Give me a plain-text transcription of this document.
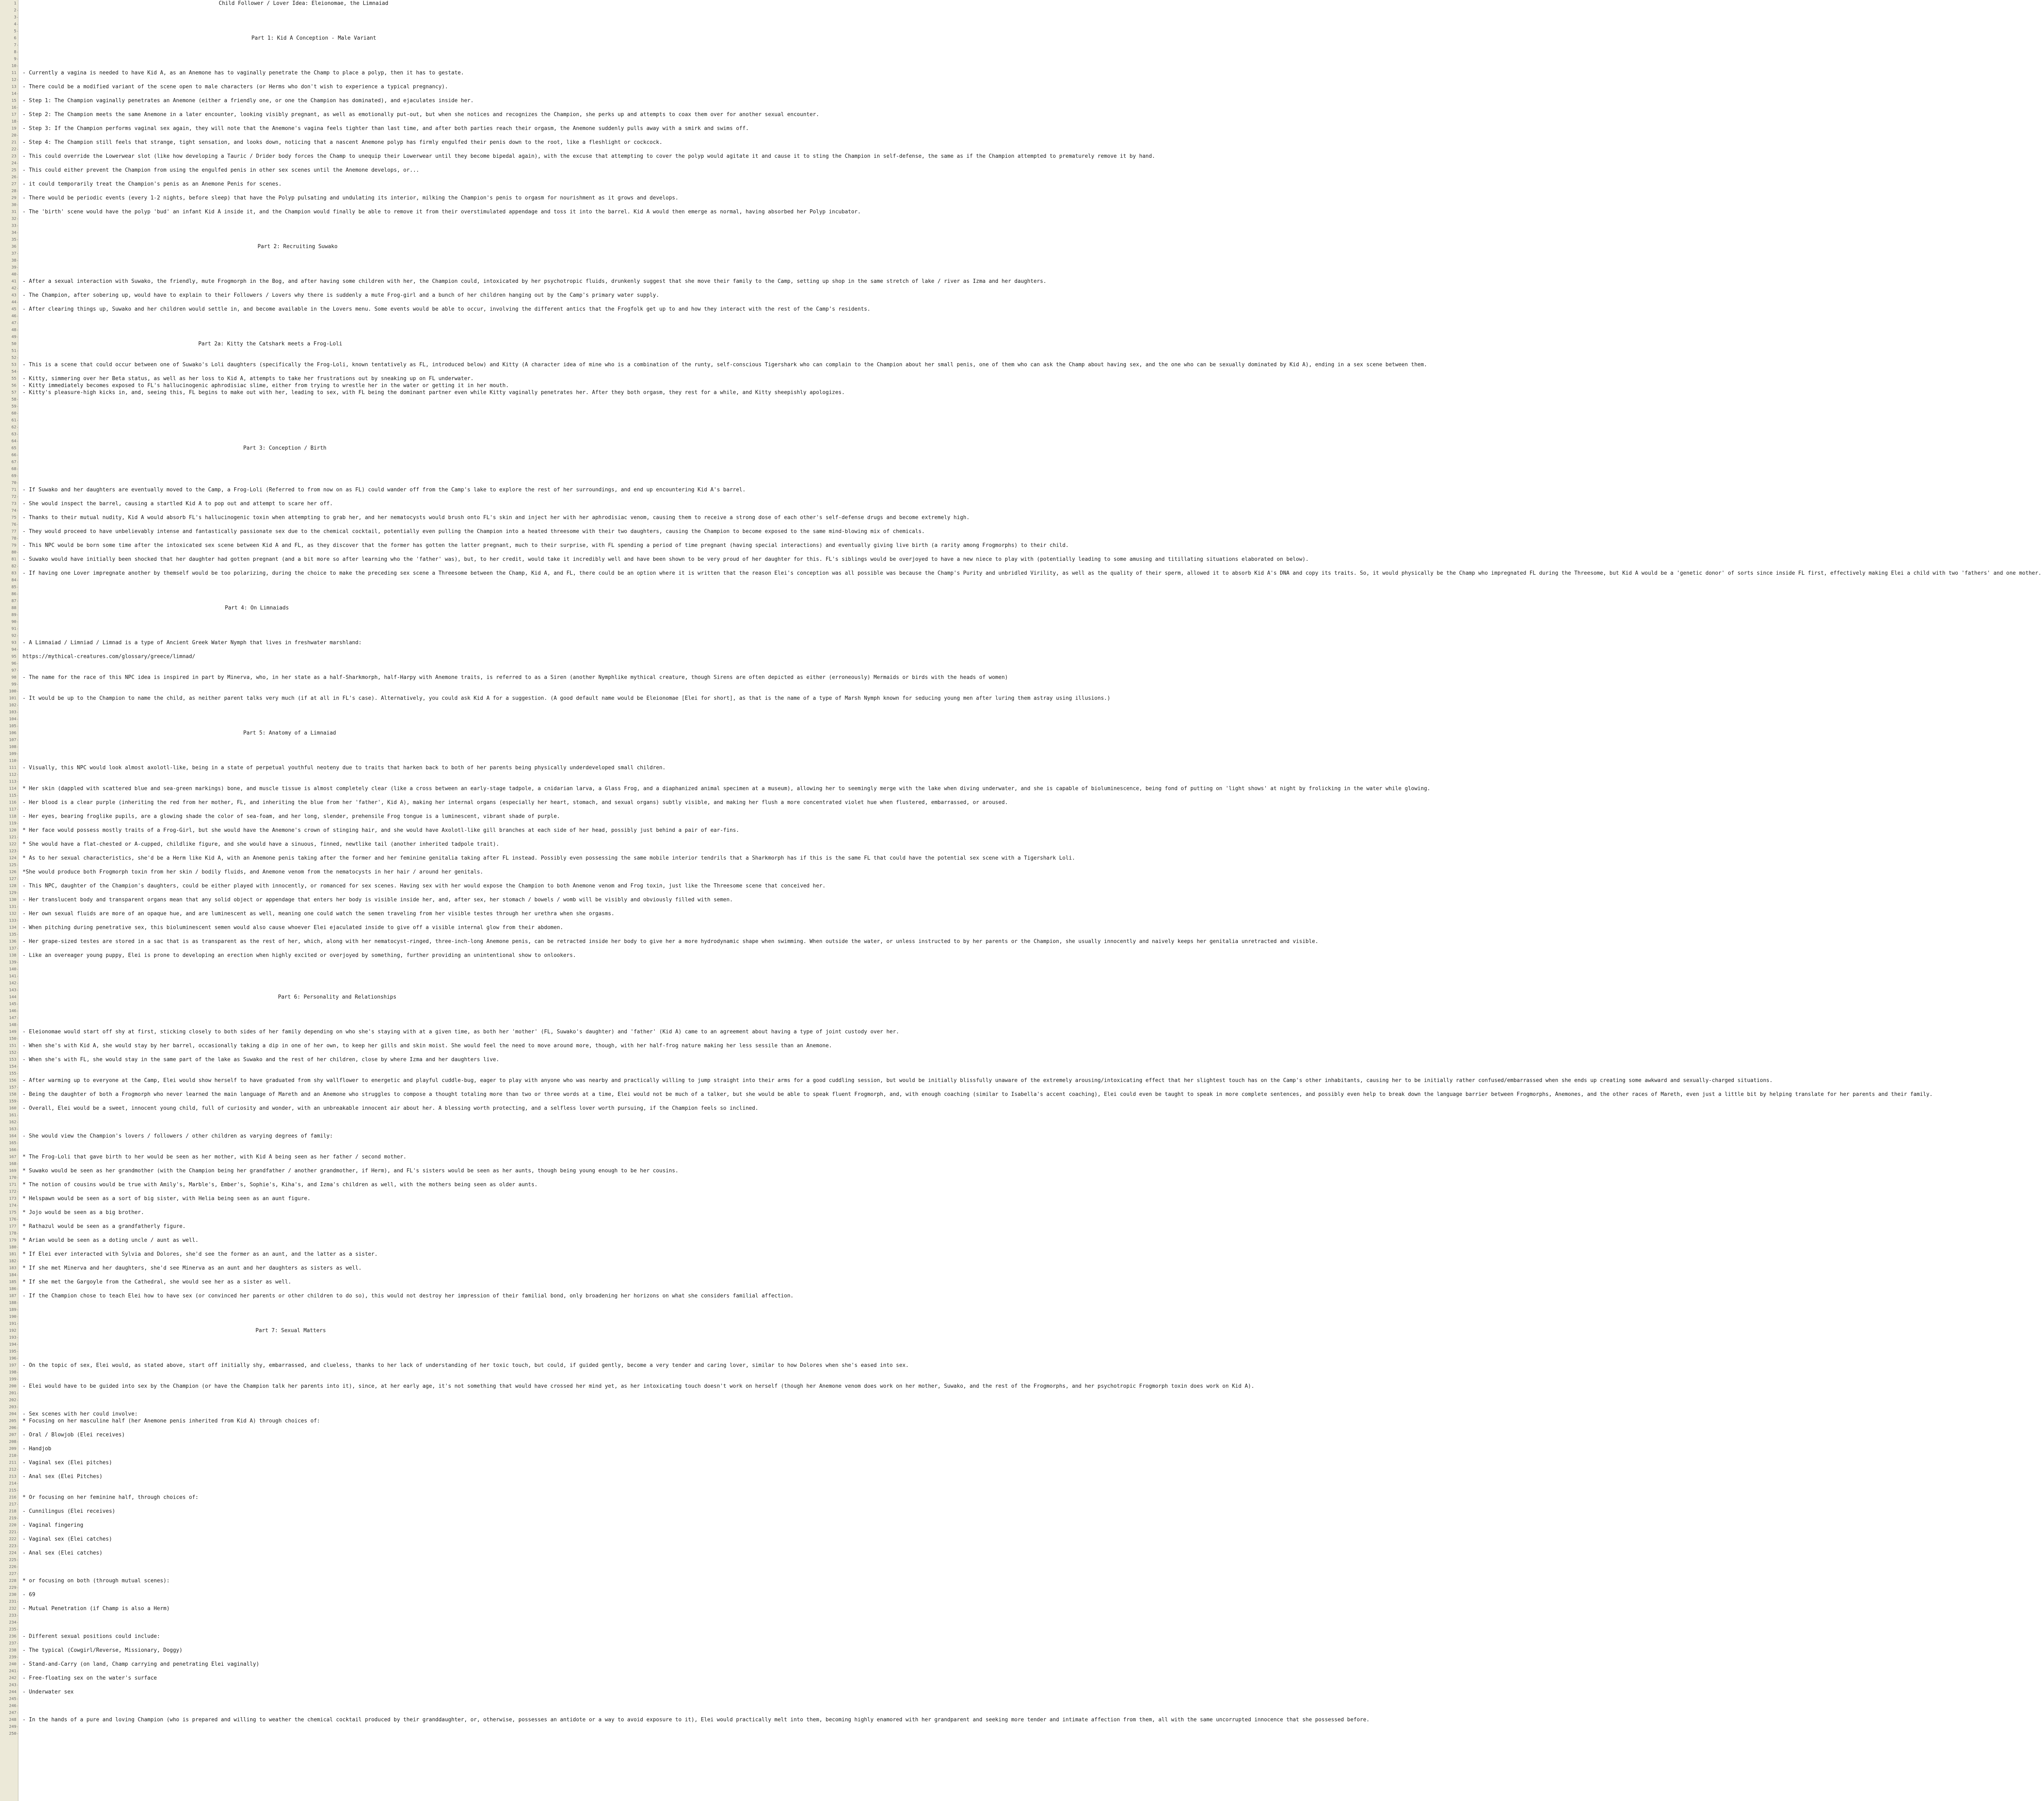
1
2
3
4
5
6
7
8
9
10
11
12
13
14
15
16
17
18
19
20
21
22
23
24
25
26
27
28
29
30
31
32
33
34
35
36
37
38
39
40
41
42
43
44
45
46
47
48
49
50
51
52
53
54
55
56
57
58
59
60
61
62
63
64
65
66
67
68
69
70
71
72
73
74
75
76
77
78
79
80
81
82
83
84
85
86
87
88
89
90
91
92
93
94
95
96
97
98
99
100
101
102
103
104
105
106
107
108
109
110
111
112
113
114
115
116
117
118
119
120
121
122
123
124
125
126
127
128
129
130
131
132
133
134
135
136
137
138
139
140
141
142
143
144
145
146
147
148
149
150
151
152
153
154
155
156
157
158
159
160
161
162
163
164
165
166
167
168
169
170
171
172
173
174
175
176
177
178
179
180
181
182
183
184
185
186
187
188
189
190
191
192
193
194
195
196
197
198
199
200
201
202
203
204
205
206
207
208
209
210
211
212
213
214
215
216
217
218
219
220
221
222
223
224
225
226
227
228
229
230
231
232
233
234
235
236
237
238
239
240
241
242
243
244
245
246
247
248
249
250
Child Follower / Lover Idea: Eleionomae, the Limnaiad
Part 1: Kid A Conception - Male Variant
- Currently a vagina is needed to have Kid A, as an Anemone has to vaginally penetrate the Champ to place a polyp, then it has to gestate.
- There could be a modified variant of the scene open to male characters (or Herms who don't wish to experience a typical pregnancy).
- Step 1: The Champion vaginally penetrates an Anemone (either a friendly one, or one the Champion has dominated), and ejaculates inside her.
- Step 2: The Champion meets the same Anemone in a later encounter, looking visibly pregnant, as well as emotionally put-out, but when she notices and recognizes the Champion, she perks up and attempts to coax them over for another sexual encounter.
- Step 3: If the Champion performs vaginal sex again, they will note that the Anemone's vagina feels tighter than last time, and after both parties reach their orgasm, the Anemone suddenly pulls away with a smirk and swims off.
- Step 4: The Champion still feels that strange, tight sensation, and looks down, noticing that a nascent Anemone polyp has firmly engulfed their penis down to the root, like a fleshlight or cockcock.
- This could override the Lowerwear slot (like how developing a Tauric / Drider body forces the Champ to unequip their Lowerwear until they become bipedal again), with the excuse that attempting to cover the polyp would agitate it and cause it to sting the Champion in self-defense, the same as if the Champion attempted to prematurely remove it by hand.
- This could either prevent the Champion from using the engulfed penis in other sex scenes until the Anemone develops, or...
- it could temporarily treat the Champion's penis as an Anemone Penis for scenes.
- There would be periodic events (every 1-2 nights, before sleep) that have the Polyp pulsating and undulating its interior, milking the Champion's penis to orgasm for nourishment as it grows and develops.
- The 'birth' scene would have the polyp 'bud' an infant Kid A inside it, and the Champion would finally be able to remove it from their overstimulated appendage and toss it into the barrel. Kid A would then emerge as normal, having absorbed her Polyp incubator.
Part 2: Recruiting Suwako
- After a sexual interaction with Suwako, the friendly, mute Frogmorph in the Bog, and after having some children with her, the Champion could, intoxicated by her psychotropic fluids, drunkenly suggest that she move their family to the Camp, setting up shop in the same stretch of lake / river as Izma and her daughters.
- The Champion, after sobering up, would have to explain to their Followers / Lovers why there is suddenly a mute Frog-girl and a bunch of her children hanging out by the Camp's primary water supply.
- After clearing things up, Suwako and her children would settle in, and become available in the Lovers menu. Some events would be able to occur, involving the different antics that the Frogfolk get up to and how they interact with the rest of the Camp's residents.
Part 2a: Kitty the Catshark meets a Frog-Loli
- This is a scene that could occur between one of Suwako's Loli daughters (specifically the Frog-Loli, known tentatively as FL, introduced below) and Kitty (A character idea of mine who is a combination of the runty, self-conscious Tigershark who can complain to the Champion about her small penis, one of them who can ask the Champ about having sex, and the one who can be sexually dominated by Kid A), ending in a sex scene between them.
- Kitty, simmering over her Beta status, as well as her loss to Kid A, attempts to take her frustrations out by sneaking up on FL underwater.
- Kitty immediately becomes exposed to FL's hallucinogenic aphrodisiac slime, either from trying to wrestle her in the water or getting it in her mouth.
- Kitty's pleasure-high kicks in, and, seeing this, FL begins to make out with her, leading to sex, with FL being the dominant partner even while Kitty vaginally penetrates her. After they both orgasm, they rest for a while, and Kitty sheepishly apologizes.
Part 3: Conception / Birth
- If Suwako and her daughters are eventually moved to the Camp, a Frog-Loli (Referred to from now on as FL) could wander off from the Camp's lake to explore the rest of her surroundings, and end up encountering Kid A's barrel.
- She would inspect the barrel, causing a startled Kid A to pop out and attempt to scare her off.
- Thanks to their mutual nudity, Kid A would absorb FL's hallucinogenic toxin when attempting to grab her, and her nematocysts would brush onto FL's skin and inject her with her aphrodisiac venom, causing them to receive a strong dose of each other's self-defense drugs and become extremely high.
- They would proceed to have unbelievably intense and fantastically passionate sex due to the chemical cocktail, potentially even pulling the Champion into a heated threesome with their two daughters, causing the Champion to become exposed to the same mind-blowing mix of chemicals.
- This NPC would be born some time after the intoxicated sex scene between Kid A and FL, as they discover that the former has gotten the latter pregnant, much to their surprise, with FL spending a period of time pregnant (having special interactions) and eventually giving live birth (a rarity among Frogmorphs) to their child.
- Suwako would have initially been shocked that her daughter had gotten pregnant (and a bit more so after learning who the 'father' was), but, to her credit, would take it incredibly well and have been shown to be very proud of her daughter for this. FL's siblings would be overjoyed to have a new niece to play with (potentially leading to some amusing and titillating situations elaborated on below).
- If having one Lover impregnate another by themself would be too polarizing, during the choice to make the preceding sex scene a Threesome between the Champ, Kid A, and FL, there could be an option where it is written that the reason Elei's conception was all possible was because the Champ's Purity and unbridled Virility, as well as the quality of their sperm, allowed it to absorb Kid A's DNA and copy its traits. So, it would physically be the Champ who impregnated FL during the Threesome, but Kid A would be a 'genetic donor' of sorts since inside FL first, effectively making Elei a child with two 'fathers' and one mother.
Part 4: On Limnaiads
- A Limnaiad / Limniad / Limnad is a type of Ancient Greek Water Nymph that lives in freshwater marshland:
https://mythical-creatures.com/glossary/greece/limnad/
- The name for the race of this NPC idea is inspired in part by Minerva, who, in her state as a half-Sharkmorph, half-Harpy with Anemone traits, is referred to as a Siren (another Nymphlike mythical creature, though Sirens are often depicted as either (erroneously) Mermaids or birds with the heads of women)
- It would be up to the Champion to name the child, as neither parent talks very much (if at all in FL's case). Alternatively, you could ask Kid A for a suggestion. (A good default name would be Eleionomae [Elei for short], as that is the name of a type of Marsh Nymph known for seducing young men after luring them astray using illusions.)
Part 5: Anatomy of a Limnaiad
- Visually, this NPC would look almost axolotl-like, being in a state of perpetual youthful neoteny due to traits that harken back to both of her parents being physically underdeveloped small children.
* Her skin (dappled with scattered blue and sea-green markings) bone, and muscle tissue is almost completely clear (like a cross between an early-stage tadpole, a cnidarian larva, a Glass Frog, and a diaphanized animal specimen at a museum), allowing her to seemingly merge with the lake when diving underwater, and she is capable of bioluminescence, being fond of putting on 'light shows' at night by frolicking in the water while glowing.
- Her blood is a clear purple (inheriting the red from her mother, FL, and inheriting the blue from her 'father', Kid A), making her internal organs (especially her heart, stomach, and sexual organs) subtly visible, and making her flush a more concentrated violet hue when flustered, embarrassed, or aroused.
- Her eyes, bearing froglike pupils, are a glowing shade the color of sea-foam, and her long, slender, prehensile Frog tongue is a luminescent, vibrant shade of purple.
* Her face would possess mostly traits of a Frog-Girl, but she would have the Anemone's crown of stinging hair, and she would have Axolotl-like gill branches at each side of her head, possibly just behind a pair of ear-fins.
* She would have a flat-chested or A-cupped, childlike figure, and she would have a sinuous, finned, newtlike tail (another inherited tadpole trait).
* As to her sexual characteristics, she'd be a Herm like Kid A, with an Anemone penis taking after the former and her feminine genitalia taking after FL instead. Possibly even possessing the same mobile interior tendrils that a Sharkmorph has if this is the same FL that could have the potential sex scene with a Tigershark Loli.
*She would produce both Frogmorph toxin from her skin / bodily fluids, and Anemone venom from the nematocysts in her hair / around her genitals.
- This NPC, daughter of the Champion's daughters, could be either played with innocently, or romanced for sex scenes. Having sex with her would expose the Champion to both Anemone venom and Frog toxin, just like the Threesome scene that conceived her.
- Her translucent body and transparent organs mean that any solid object or appendage that enters her body is visible inside her, and, after sex, her stomach / bowels / womb will be visibly and obviously filled with semen.
- Her own sexual fluids are more of an opaque hue, and are luminescent as well, meaning one could watch the semen traveling from her visible testes through her urethra when she orgasms.
- When pitching during penetrative sex, this bioluminescent semen would also cause whoever Elei ejaculated inside to give off a visible internal glow from their abdomen.
- Her grape-sized testes are stored in a sac that is as transparent as the rest of her, which, along with her nematocyst-ringed, three-inch-long Anemone penis, can be retracted inside her body to give her a more hydrodynamic shape when swimming. When outside the water, or unless instructed to by her parents or the Champion, she usually innocently and naively keeps her genitalia unretracted and visible.
- Like an overeager young puppy, Elei is prone to developing an erection when highly excited or overjoyed by something, further providing an unintentional show to onlookers.
Part 6: Personality and Relationships
- Eleionomae would start off shy at first, sticking closely to both sides of her family depending on who she's staying with at a given time, as both her 'mother' (FL, Suwako's daughter) and 'father' (Kid A) came to an agreement about having a type of joint custody over her.
- When she's with Kid A, she would stay by her barrel, occasionally taking a dip in one of her own, to keep her gills and skin moist. She would feel the need to move around more, though, with her half-frog nature making her less sessile than an Anemone.
- When she's with FL, she would stay in the same part of the lake as Suwako and the rest of her children, close by where Izma and her daughters live.
- After warming up to everyone at the Camp, Elei would show herself to have graduated from shy wallflower to energetic and playful cuddle-bug, eager to play with anyone who was nearby and practically willing to jump straight into their arms for a good cuddling session, but would be initially blissfully unaware of the extremely arousing/intoxicating effect that her slightest touch has on the Camp's other inhabitants, causing her to be initially rather confused/embarrassed when she ends up creating some awkward and sexually-charged situations.
- Being the daughter of both a Frogmorph who never learned the main language of Mareth and an Anemone who struggles to compose a thought totaling more than two or three words at a time, Elei would not be much of a talker, but she would be able to speak fluent Frogmorph, and, with enough coaching (similar to Isabella's accent coaching), Elei could even be taught to speak in more complete sentences, and possibly even help to break down the language barrier between Frogmorphs, Anemones, and the other races of Mareth, even just a little bit by helping translate for her parents and their family.
- Overall, Elei would be a sweet, innocent young child, full of curiosity and wonder, with an unbreakable innocent air about her. A blessing worth protecting, and a selfless lover worth pursuing, if the Champion feels so inclined.
- She would view the Champion's lovers / followers / other children as varying degrees of family:
* The Frog-Loli that gave birth to her would be seen as her mother, with Kid A being seen as her father / second mother.
* Suwako would be seen as her grandmother (with the Champion being her grandfather / another grandmother, if Herm), and FL's sisters would be seen as her aunts, though being young enough to be her cousins.
* The notion of cousins would be true with Amily's, Marble's, Ember's, Sophie's, Kiha's, and Izma's children as well, with the mothers being seen as older aunts.
* Helspawn would be seen as a sort of big sister, with Helia being seen as an aunt figure.
* Jojo would be seen as a big brother.
* Rathazul would be seen as a grandfatherly figure.
* Arian would be seen as a doting uncle / aunt as well.
* If Elei ever interacted with Sylvia and Dolores, she'd see the former as an aunt, and the latter as a sister.
* If she met Minerva and her daughters, she'd see Minerva as an aunt and her daughters as sisters as well.
* If she met the Gargoyle from the Cathedral, she would see her as a sister as well.
- If the Champion chose to teach Elei how to have sex (or convinced her parents or other children to do so), this would not destroy her impression of their familial bond, only broadening her horizons on what she considers familial affection.
Part 7: Sexual Matters
- On the topic of sex, Elei would, as stated above, start off initially shy, embarrassed, and clueless, thanks to her lack of understanding of her toxic touch, but could, if guided gently, become a very tender and caring lover, similar to how Dolores when she's eased into sex.
- Elei would have to be guided into sex by the Champion (or have the Champion talk her parents into it), since, at her early age, it's not something that would have crossed her mind yet, as her intoxicating touch doesn't work on herself (though her Anemone venom does work on her mother, Suwako, and the rest of the Frogmorphs, and her psychotropic Frogmorph toxin does work on Kid A).
- Sex scenes with her could involve:
* Focusing on her masculine half (her Anemone penis inherited from Kid A) through choices of:
- Oral / Blowjob (Elei receives)
- Handjob
- Vaginal sex (Elei pitches)
- Anal sex (Elei Pitches)
* Or focusing on her feminine half, through choices of:
- Cunnilingus (Elei receives)
- Vaginal fingering
- Vaginal sex (Elei catches)
- Anal sex (Elei catches)
* or focusing on both (through mutual scenes):
- 69
- Mutual Penetration (if Champ is also a Herm)
- Different sexual positions could include:
- The typical (Cowgirl/Reverse, Missionary, Doggy)
- Stand-and-Carry (on land, Champ carrying and penetrating Elei vaginally)
- Free-floating sex on the water's surface
- Underwater sex
- In the hands of a pure and loving Champion (who is prepared and willing to weather the chemical cocktail produced by their granddaughter, or, otherwise, possesses an antidote or a way to avoid exposure to it), Elei would practically melt into them, becoming highly enamored with her grandparent and seeking more tender and intimate affection from them, all with the same uncorrupted innocence that she possessed before.
